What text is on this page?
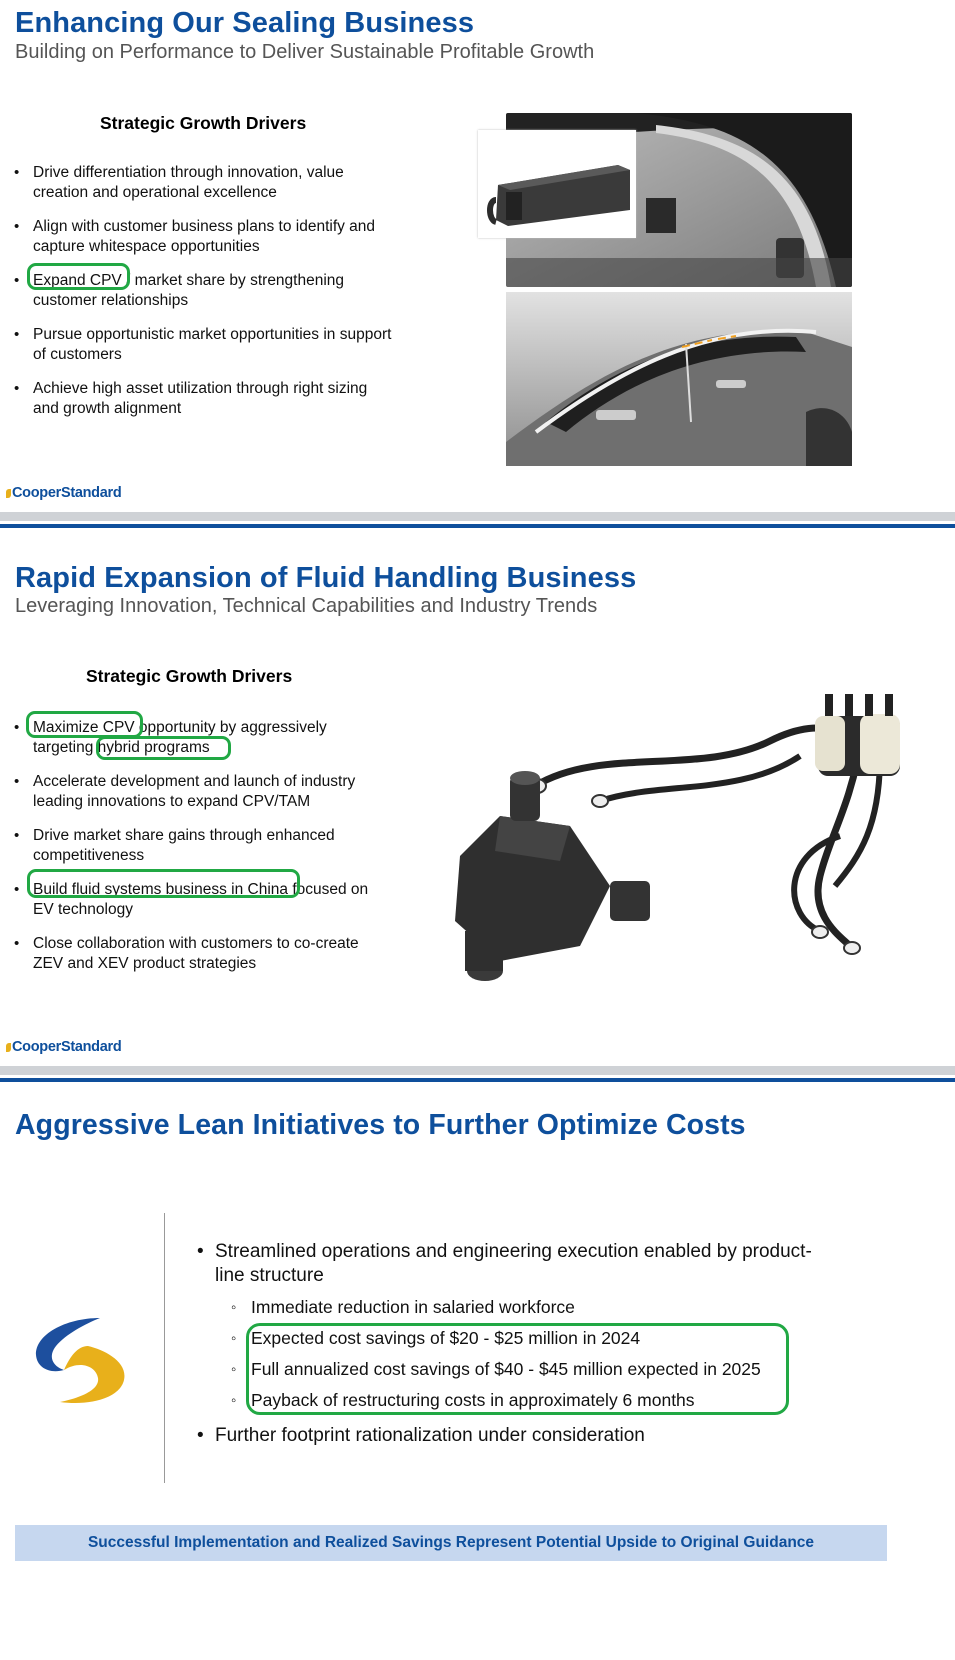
Enhancing Our Sealing Business
Building on Performance to Deliver Sustainable Profitable Growth
Strategic Growth Drivers
• Drive differentiation through innovation, value creation and operational excellence
• Align with customer business plans to identify and capture whitespace opportunities
• Expand CPV / market share by strengthening customer relationships
• Pursue opportunistic market opportunities in support of customers
• Achieve high asset utilization through right sizing and growth alignment
CooperStandard
Rapid Expansion of Fluid Handling Business
Leveraging Innovation, Technical Capabilities and Industry Trends
Strategic Growth Drivers
• Maximize CPV opportunity by aggressively targeting hybrid programs
• Accelerate development and launch of industry leading innovations to expand CPV/TAM
• Drive market share gains through enhanced competitiveness
• Build fluid systems business in China focused on EV technology
• Close collaboration with customers to co-create ZEV and XEV product strategies
CooperStandard
Aggressive Lean Initiatives to Further Optimize Costs
• Streamlined operations and engineering execution enabled by product-line structure
◦ Immediate reduction in salaried workforce
◦ Expected cost savings of $20 - $25 million in 2024
◦ Full annualized cost savings of $40 - $45 million expected in 2025
◦ Payback of restructuring costs in approximately 6 months
• Further footprint rationalization under consideration
Successful Implementation and Realized Savings Represent Potential Upside to Original Guidance
